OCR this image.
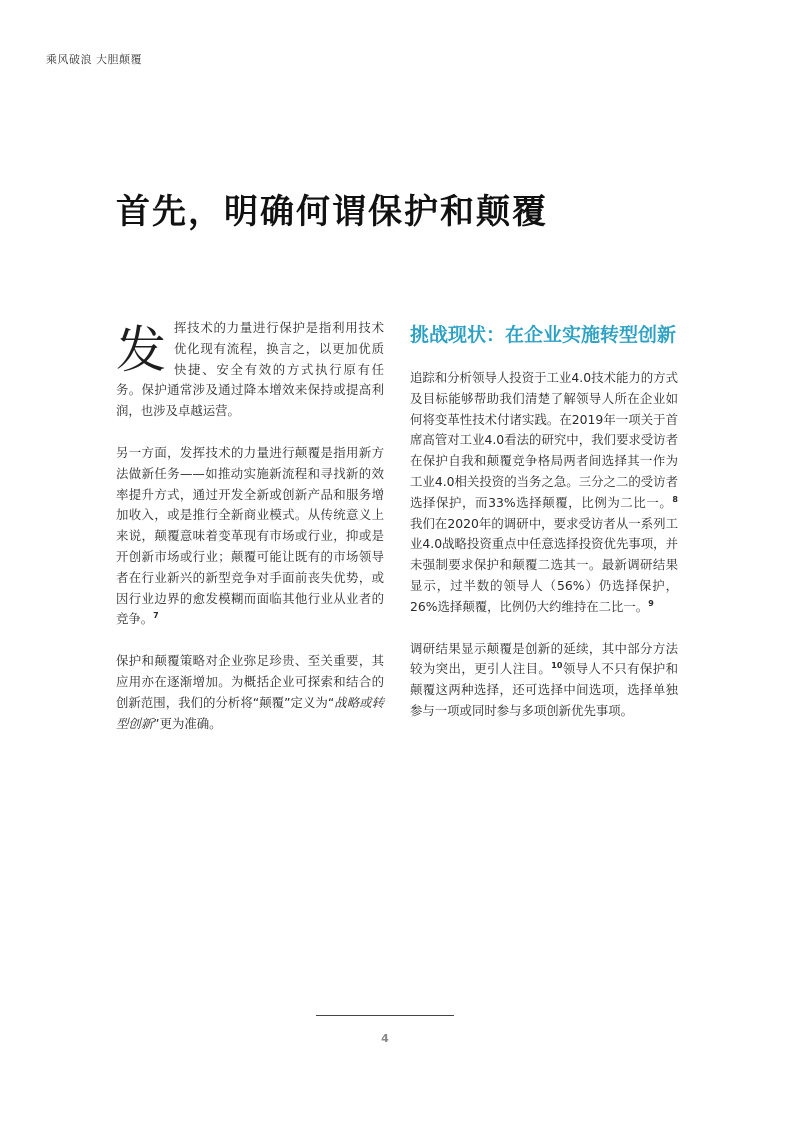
乘风破浪 大胆颠覆
首先，明确何谓保护和颠覆

发挥技术的力量进行保护是指利用技术优化现有流程，换言之，以更加优质快捷、安全有效的方式执行原有任务。保护通常涉及通过降本增效来保持或提高利润，也涉及卓越运营。

另一方面，发挥技术的力量进行颠覆是指用新方法做新任务——如推动实施新流程和寻找新的效率提升方式，通过开发全新或创新产品和服务增加收入，或是推行全新商业模式。从传统意义上来说，颠覆意味着变革现有市场或行业，抑或是开创新市场或行业；颠覆可能让既有的市场领导者在行业新兴的新型竞争对手面前丧失优势，或因行业边界的愈发模糊而面临其他行业从业者的竞争。$^7$

保护和颠覆策略对企业弥足珍贵、至关重要，其应用亦在逐渐增加。为概括企业可探索和结合的创新范围，我们的分析将“颠覆”定义为“战略或转型创新”更为准确。

挑战现状：在企业实施转型创新

追踪和分析领导人投资于工业4.0技术能力的方式及目标能够帮助我们清楚了解领导人所在企业如何将变革性技术付诸实践。在2019年一项关于首席高管对工业4.0看法的研究中，我们要求受访者在保护自我和颠覆竞争格局两者间选择其一作为工业4.0相关投资的当务之急。三分之二的受访者选择保护，而33%选择颠覆，比例为二比一。$^8$我们在2020年的调研中，要求受访者从一系列工业4.0战略投资重点中任意选择投资优先事项，并未强制要求保护和颠覆二选其一。最新调研结果显示，过半数的领导人（56%）仍选择保护，26%选择颠覆，比例仍大约维持在二比一。$^9$

调研结果显示颠覆是创新的延续，其中部分方法较为突出，更引人注目。$^{10}$领导人不只有保护和颠覆这两种选择，还可选择中间选项，选择单独参与一项或同时参与多项创新优先事项。

4
